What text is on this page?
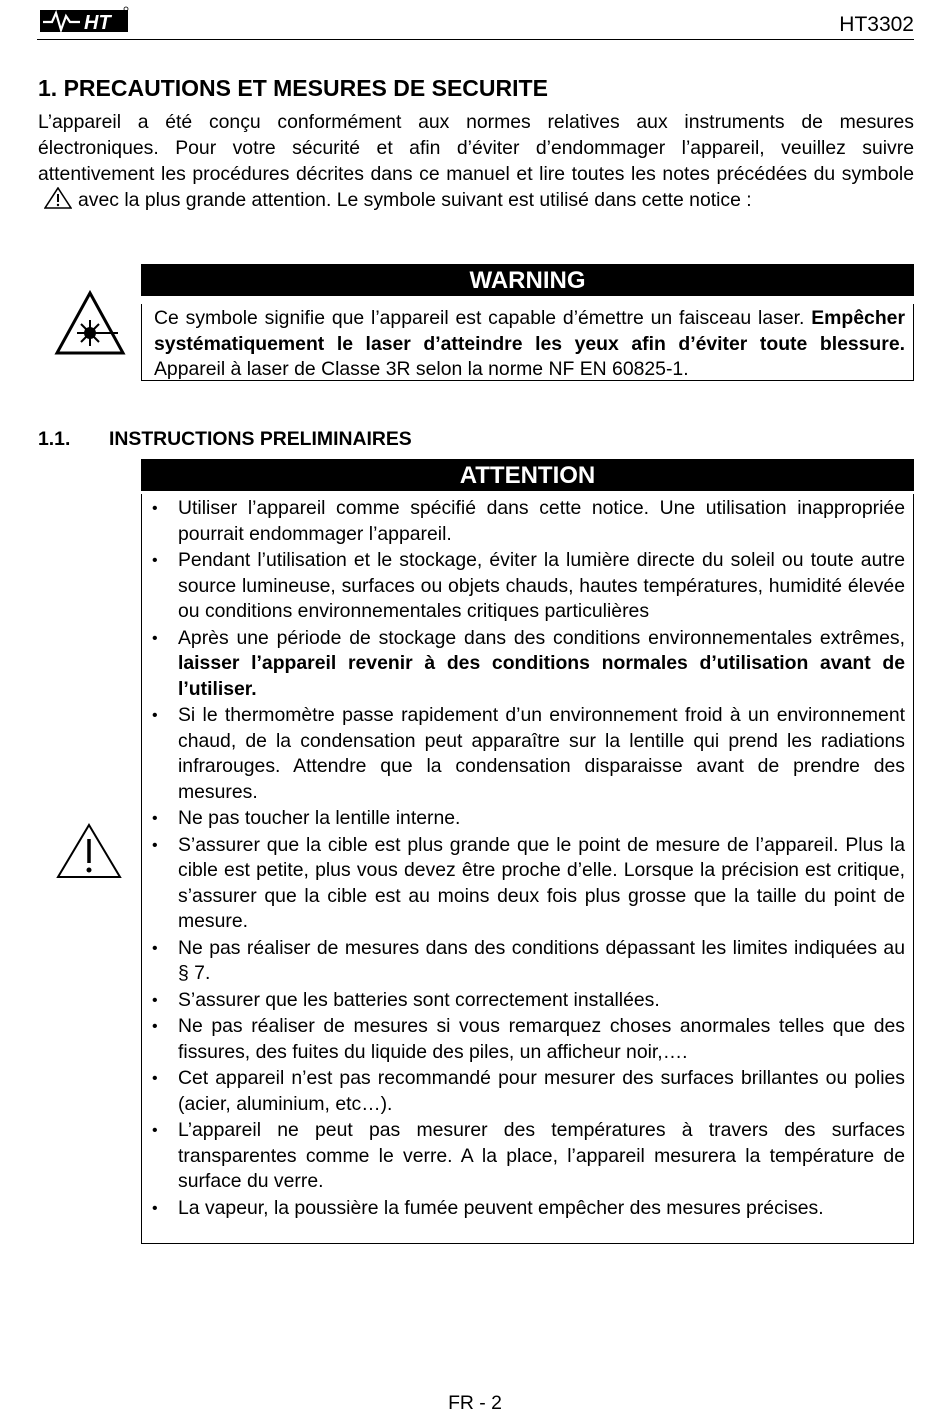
HT	HT3302
1. PRECAUTIONS ET MESURES DE SECURITE
L’appareil a été conçu conformément aux normes relatives aux instruments de mesures électroniques. Pour votre sécurité et afin d’éviter d’endommager l’appareil, veuillez suivre attentivement les procédures décrites dans ce manuel et lire toutes les notes précédées du symboleavec la plus grande attention. Le symbole suivant est utilisé dans cette notice :
WARNING
Ce symbole signifie que l’appareil est capable d’émettre un faisceau laser. Empêcher systématiquement le laser d’atteindre les yeux afin d’éviter toute blessure. Appareil à laser de Classe 3R selon la norme NF EN 60825-1.
1.1. INSTRUCTIONS PRELIMINAIRES
ATTENTION
• Utiliser l’appareil comme spécifié dans cette notice. Une utilisation inappropriée pourrait endommager l’appareil.
• Pendant l’utilisation et le stockage, éviter la lumière directe du soleil ou toute autre source lumineuse, surfaces ou objets chauds, hautes températures, humidité élevée ou conditions environnementales critiques particulières
• Après une période de stockage dans des conditions environnementales extrêmes, laisser l’appareil revenir à des conditions normales d’utilisation avant de l’utiliser.
• Si le thermomètre passe rapidement d’un environnement froid à un environnement chaud, de la condensation peut apparaître sur la lentille qui prend les radiations infrarouges. Attendre que la condensation disparaisse avant de prendre des mesures.
• Ne pas toucher la lentille interne.
• S’assurer que la cible est plus grande que le point de mesure de l’appareil. Plus la cible est petite, plus vous devez être proche d’elle. Lorsque la précision est critique, s’assurer que la cible est au moins deux fois plus grosse que la taille du point de mesure.
• Ne pas réaliser de mesures dans des conditions dépassant les limites indiquées au § 7.
• S’assurer que les batteries sont correctement installées.
• Ne pas réaliser de mesures si vous remarquez choses anormales telles que des fissures, des fuites du liquide des piles, un afficheur noir,….
• Cet appareil n’est pas recommandé pour mesurer des surfaces brillantes ou polies (acier, aluminium, etc…).
• L’appareil ne peut pas mesurer des températures à travers des surfaces transparentes comme le verre. A la place, l’appareil mesurera la température de surface du verre.
• La vapeur, la poussière la fumée peuvent empêcher des mesures précises.
FR - 2
